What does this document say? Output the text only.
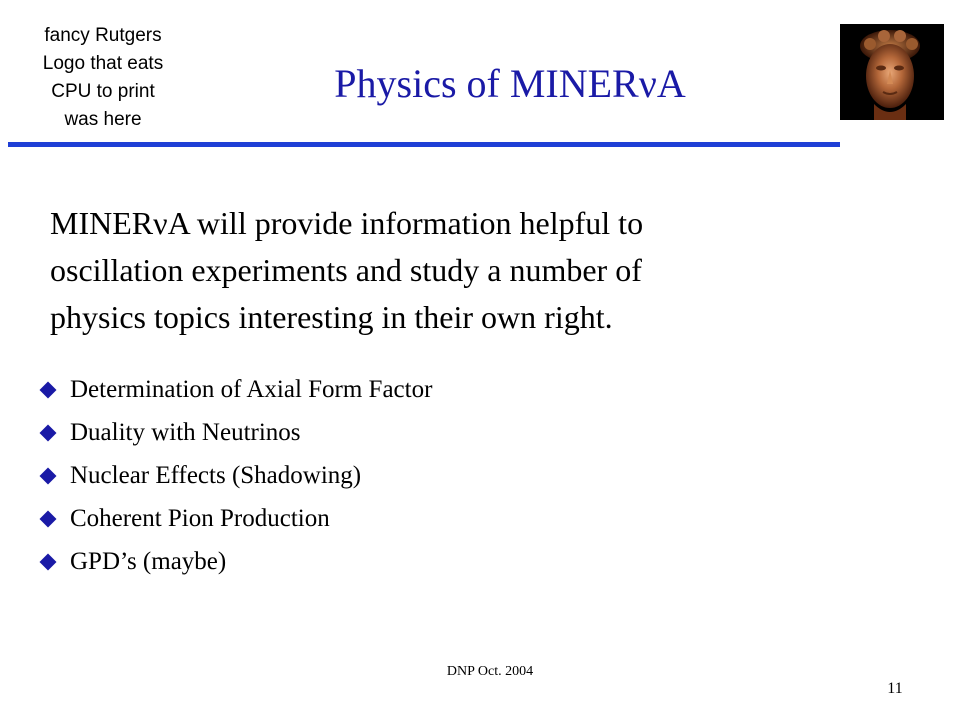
fancy Rutgers
Logo that eats
CPU to print
was here
Physics of MINERνA
MINERνA will provide information helpful to
oscillation experiments and study a number of
physics topics interesting in their own right.
Determination of Axial Form Factor
Duality with Neutrinos
Nuclear Effects (Shadowing)
Coherent Pion Production
GPD’s (maybe)
DNP Oct. 2004
11
